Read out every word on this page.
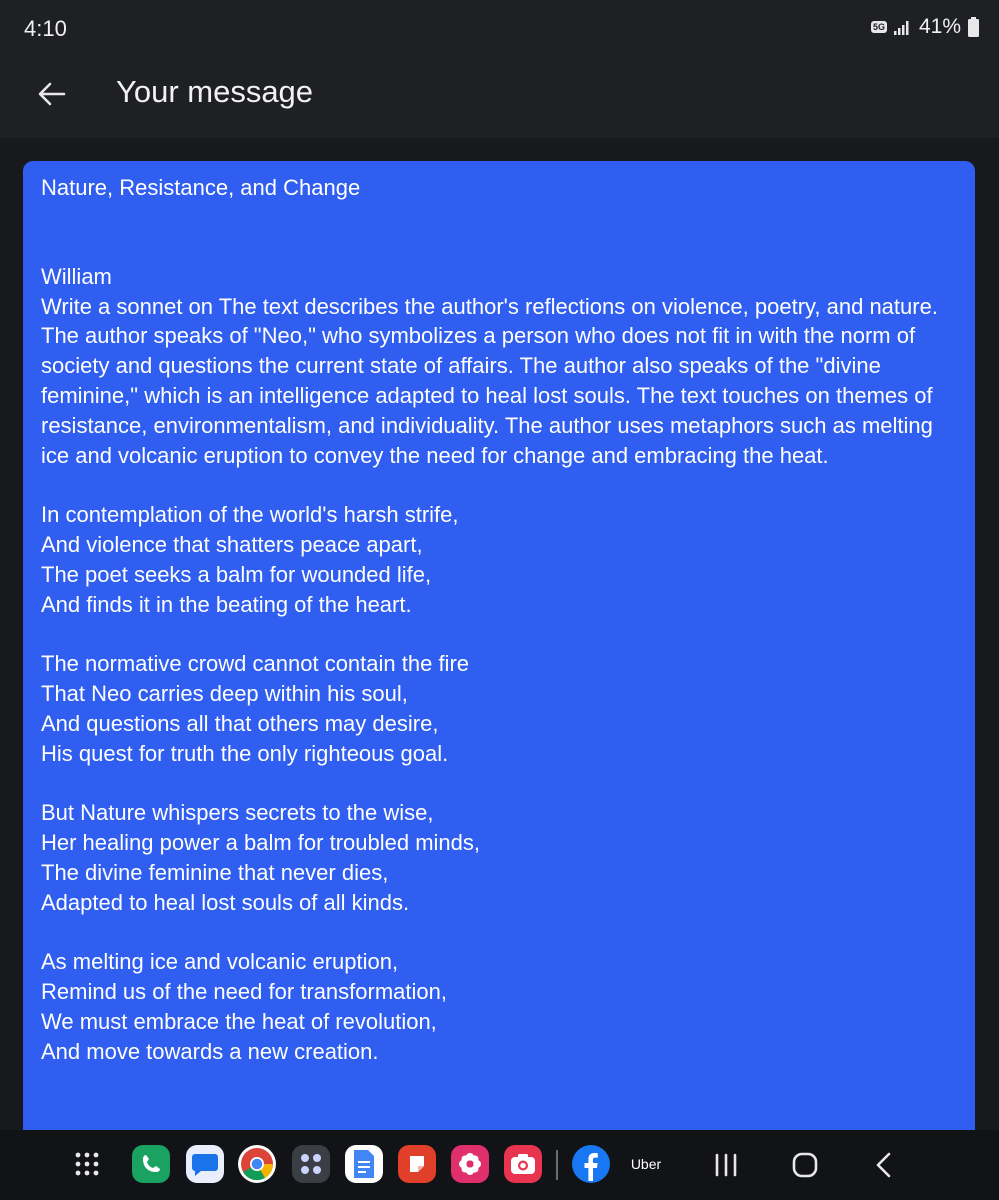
4:10	5G 41%
Your message

Nature, Resistance, and Change

William

Write a sonnet on The text describes the author's reflections on violence, poetry, and nature. The author speaks of "Neo," who symbolizes a person who does not fit in with the norm of society and questions the current state of affairs. The author also speaks of the "divine feminine," which is an intelligence adapted to heal lost souls. The text touches on themes of resistance, environmentalism, and individuality. The author uses metaphors such as melting ice and volcanic eruption to convey the need for change and embracing the heat.

In contemplation of the world's harsh strife,

And violence that shatters peace apart,

The poet seeks a balm for wounded life,

And finds it in the beating of the heart.

The normative crowd cannot contain the fire

That Neo carries deep within his soul,

And questions all that others may desire,

His quest for truth the only righteous goal.

But Nature whispers secrets to the wise,

Her healing power a balm for troubled minds,

The divine feminine that never dies,

Adapted to heal lost souls of all kinds.

As melting ice and volcanic eruption,

Remind us of the need for transformation,

We must embrace the heat of revolution,

And move towards a new creation.

Uber
